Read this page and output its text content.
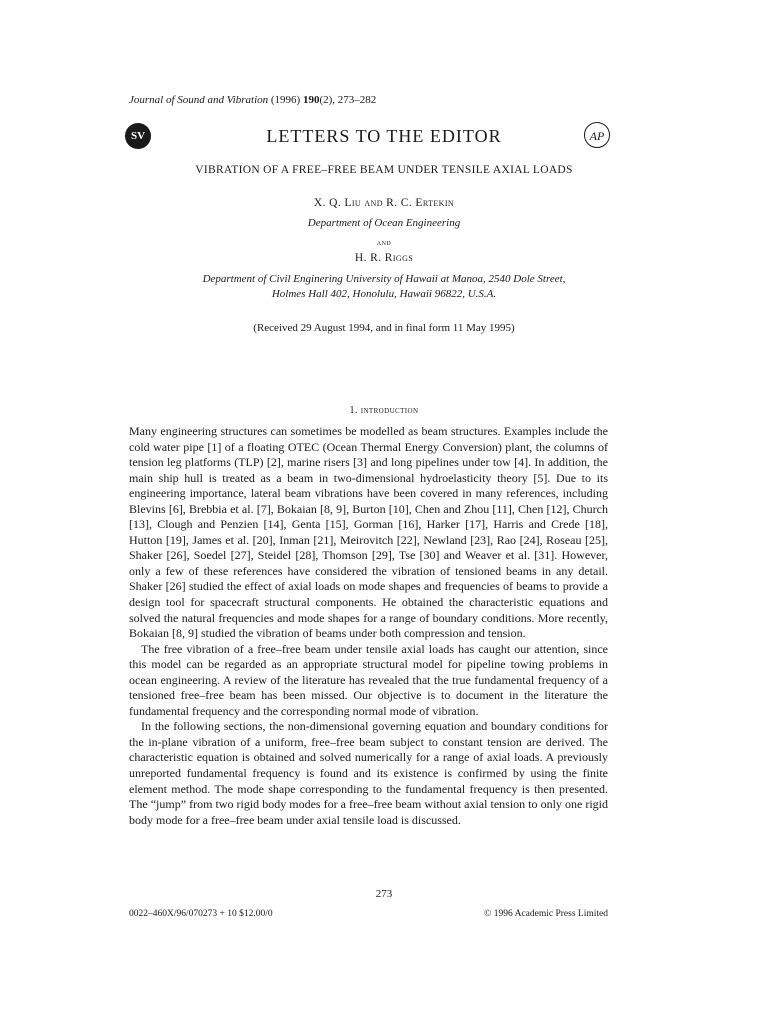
Journal of Sound and Vibration (1996) 190(2), 273–282
SV	LETTERS TO THE EDITOR	AP
VIBRATION OF A FREE–FREE BEAM UNDER TENSILE AXIAL LOADS
X. Q. Liu and R. C. Ertekin
Department of Ocean Engineering
and
H. R. Riggs
Department of Civil Enginering University of Hawaii at Manoa, 2540 Dole Street,
Holmes Hall 402, Honolulu, Hawaii 96822, U.S.A.
(Received 29 August 1994, and in final form 11 May 1995)
1. introduction

Many engineering structures can sometimes be modelled as beam structures. Examples include the cold water pipe [1] of a floating OTEC (Ocean Thermal Energy Conversion) plant, the columns of tension leg platforms (TLP) [2], marine risers [3] and long pipelines under tow [4]. In addition, the main ship hull is treated as a beam in two-dimensional hydroelasticity theory [5]. Due to its engineering importance, lateral beam vibrations have been covered in many references, including Blevins [6], Brebbia et al. [7], Bokaian [8, 9], Burton [10], Chen and Zhou [11], Chen [12], Church [13], Clough and Penzien [14], Genta [15], Gorman [16], Harker [17], Harris and Crede [18], Hutton [19], James et al. [20], Inman [21], Meirovitch [22], Newland [23], Rao [24], Roseau [25], Shaker [26], Soedel [27], Steidel [28], Thomson [29], Tse [30] and Weaver et al. [31]. However, only a few of these references have considered the vibration of tensioned beams in any detail. Shaker [26] studied the effect of axial loads on mode shapes and frequencies of beams to provide a design tool for spacecraft structural components. He obtained the characteristic equations and solved the natural frequencies and mode shapes for a range of boundary conditions. More recently, Bokaian [8, 9] studied the vibration of beams under both compression and tension.

The free vibration of a free–free beam under tensile axial loads has caught our attention, since this model can be regarded as an appropriate structural model for pipeline towing problems in ocean engineering. A review of the literature has revealed that the true fundamental frequency of a tensioned free–free beam has been missed. Our objective is to document in the literature the fundamental frequency and the corresponding normal mode of vibration.

In the following sections, the non-dimensional governing equation and boundary conditions for the in-plane vibration of a uniform, free–free beam subject to constant tension are derived. The characteristic equation is obtained and solved numerically for a range of axial loads. A previously unreported fundamental frequency is found and its existence is confirmed by using the finite element method. The mode shape corresponding to the fundamental frequency is then presented. The “jump” from two rigid body modes for a free–free beam without axial tension to only one rigid body mode for a free–free beam under axial tensile load is discussed.

273
0022–460X/96/070273 + 10 $12.00/0	© 1996 Academic Press Limited
